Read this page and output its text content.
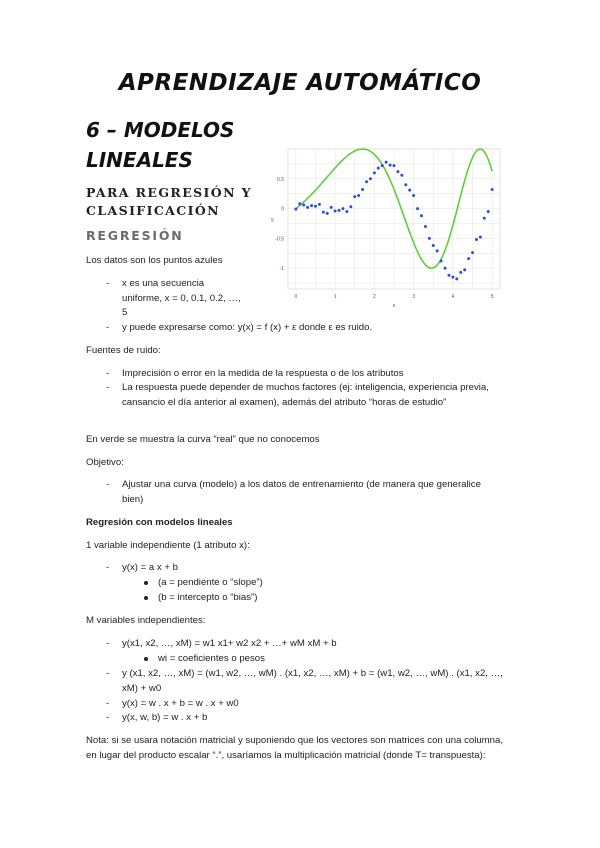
APRENDIZAJE AUTOMÁTICO
6 – MODELOS
LINEALES
PARA REGRESIÓN Y
CLASIFICACIÓN
REGRESIÓN
Los datos son los puntos azules
- x es una secuencia
uniforme, x = 0, 0.1, 0.2, …,
5
- y puede expresarse como: y(x) = f (x) + ε donde ε es ruido.
Fuentes de ruido:
- Imprecisión o error en la medida de la respuesta o de los atributos
- La respuesta puede depender de muchos factores (ej: inteligencia, experiencia previa, cansancio el día anterior al examen), además del atributo “horas de estudio”
En verde se muestra la curva “real” que no conocemos
Objetivo:
- Ajustar una curva (modelo) a los datos de entrenamiento (de manera que generalice bien)
Regresión con modelos lineales
1 variable independiente (1 atributo x):
- y(x) = a x + b
(a = pendiente o “slope”)
(b = intercepto o “bias”)
M variables independientes:
- y(x1, x2, …, xM) = w1 x1+ w2 x2 + …+ wM xM + b
wi = coeficientes o pesos
- y (x1, x2, …, xM) = (w1, w2, …, wM) . (x1, x2, …, xM) + b = (w1, w2, …, wM) . (x1, x2, …, xM) + w0
- y(x) = w . x + b = w . x + w0
- y(x, w, b) = w . x + b
Nota: si se usara notación matricial y suponiendo que los vectores son matrices con una columna, en lugar del producto escalar “.”, usaríamos la multiplicación matricial (donde T= transpuesta):
0	1	2	3	4	5
0.5
0
-0.5
-1
x
y
